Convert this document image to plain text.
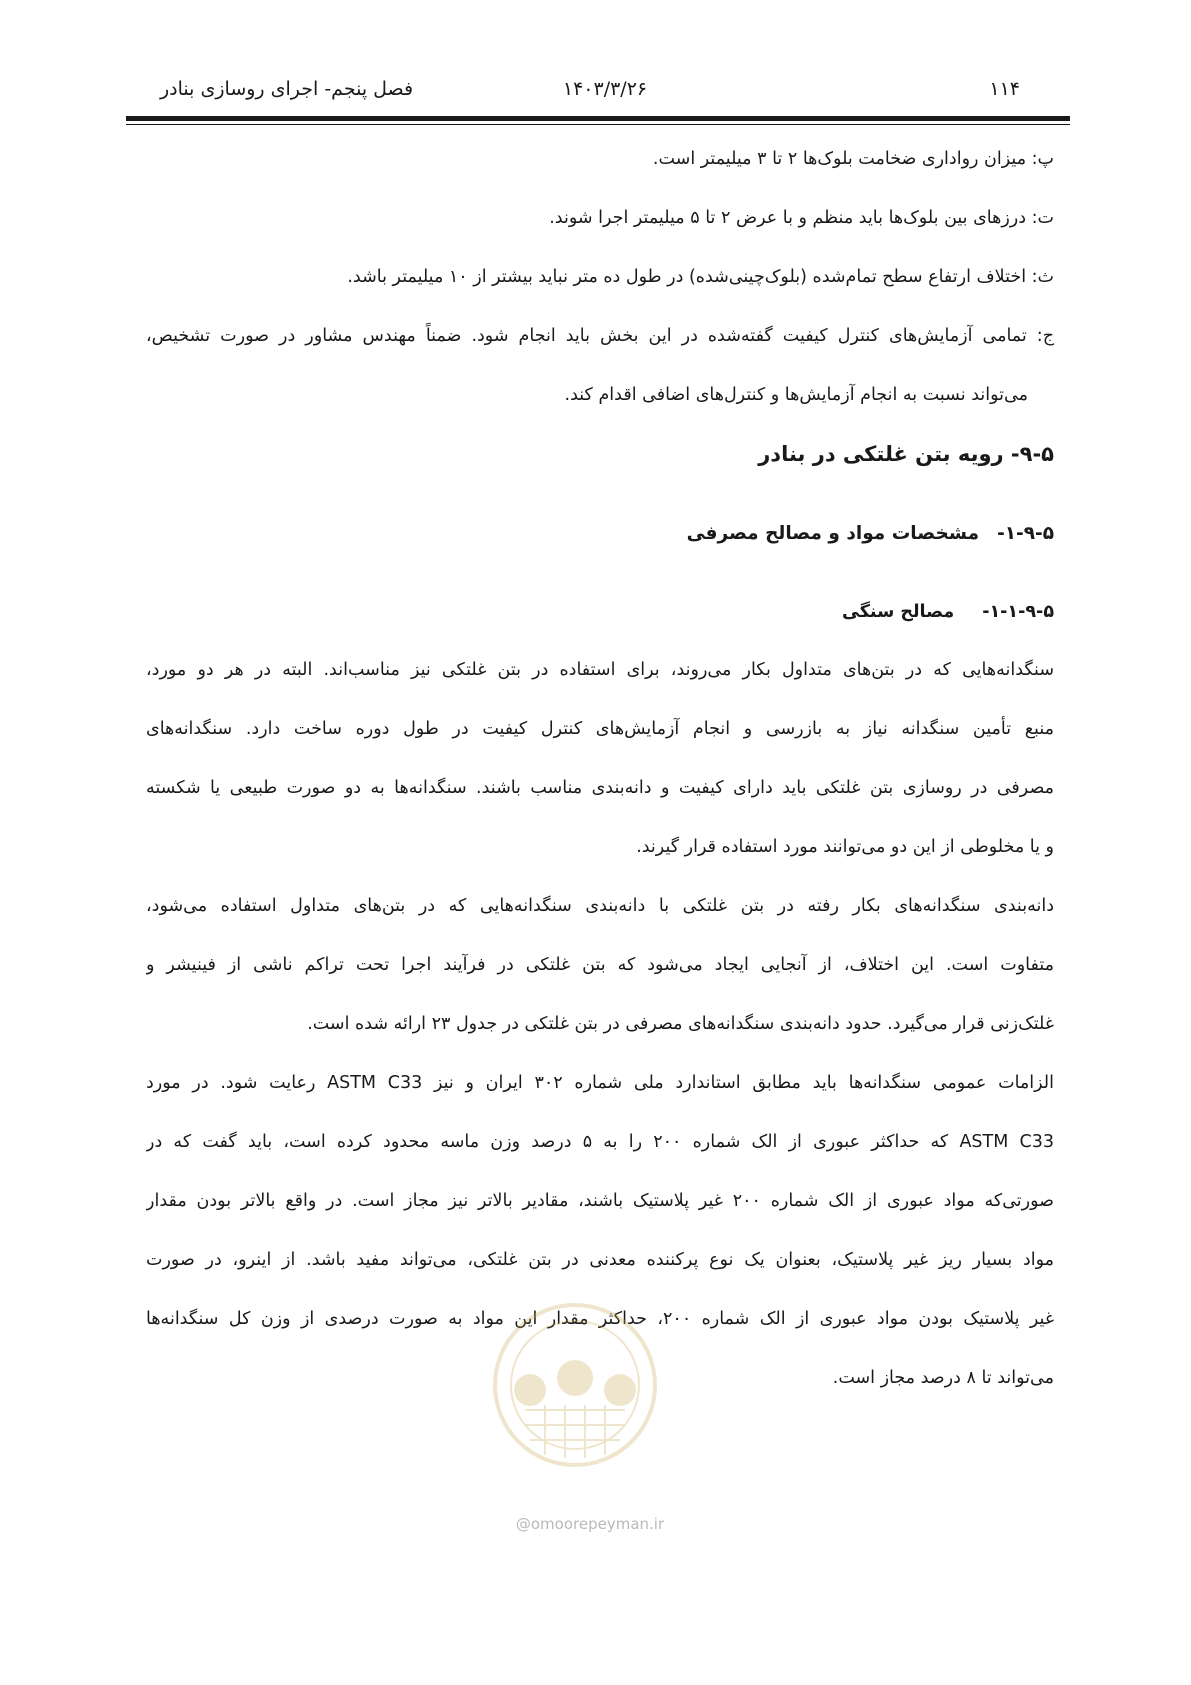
۱۱۴
۱۴۰۳/۳/۲۶
فصل پنجم- اجرای روسازی بنادر
پ: میزان رواداری ضخامت بلوک‌ها ۲ تا ۳ میلیمتر است.
ت: درزهای بین بلوک‌ها باید منظم و با عرض ۲ تا ۵ میلیمتر اجرا شوند.
ث: اختلاف ارتفاع سطح تمام‌شده (بلوک‌چینی‌شده) در طول ده متر نباید بیشتر از ۱۰ میلیمتر باشد.
ج: تمامی آزمایش‌های کنترل کیفیت گفته‌شده در این بخش باید انجام شود. ضمناً مهندس مشاور در صورت تشخیص،
می‌تواند نسبت به انجام آزمایش‌ها و کنترل‌های اضافی اقدام کند.
۹-۵- رویه بتن غلتکی در بنادر
۱-۹-۵-مشخصات مواد و مصالح مصرفی
۱-۱-۹-۵-مصالح سنگی
سنگدانه‌هایی که در بتن‌های متداول بکار می‌روند، برای استفاده در بتن غلتکی نیز مناسب‌اند. البته در هر دو مورد،
منبع تأمین سنگدانه نیاز به بازرسی و انجام آزمایش‌های کنترل کیفیت در طول دوره ساخت دارد. سنگدانه‌های
مصرفی در روسازی بتن غلتکی باید دارای کیفیت و دانه‌بندی مناسب باشند. سنگدانه‌ها به دو صورت طبیعی یا شکسته
و یا مخلوطی از این دو می‌توانند مورد استفاده قرار گیرند.
دانه‌بندی سنگدانه‌های بکار رفته در بتن غلتکی با دانه‌بندی سنگدانه‌هایی که در بتن‌های متداول استفاده می‌شود،
متفاوت است. این اختلاف، از آنجایی ایجاد می‌شود که بتن غلتکی در فرآیند اجرا تحت تراکم ناشی از فینیشر و
غلتک‌زنی قرار می‌گیرد. حدود دانه‌بندی سنگدانه‌های مصرفی در بتن غلتکی در جدول ۲۳ ارائه شده است.
الزامات عمومی سنگدانه‌ها باید مطابق استاندارد ملی شماره ۳۰۲ ایران و نیز ASTM C33 رعایت شود. در مورد
ASTM C33 که حداکثر عبوری از الک شماره ۲۰۰ را به ۵ درصد وزن ماسه محدود کرده است، باید گفت که در
صورتی‌که مواد عبوری از الک شماره ۲۰۰ غیر پلاستیک باشند، مقادیر بالاتر نیز مجاز است. در واقع بالاتر بودن مقدار
مواد بسیار ریز غیر پلاستیک، بعنوان یک نوع پرکننده معدنی در بتن غلتکی، می‌تواند مفید باشد. از اینرو، در صورت
غیر پلاستیک بودن مواد عبوری از الک شماره ۲۰۰، حداکثر مقدار این مواد به صورت درصدی از وزن کل سنگدانه‌ها
می‌تواند تا ۸ درصد مجاز است.
@omoorepeyman.ir
